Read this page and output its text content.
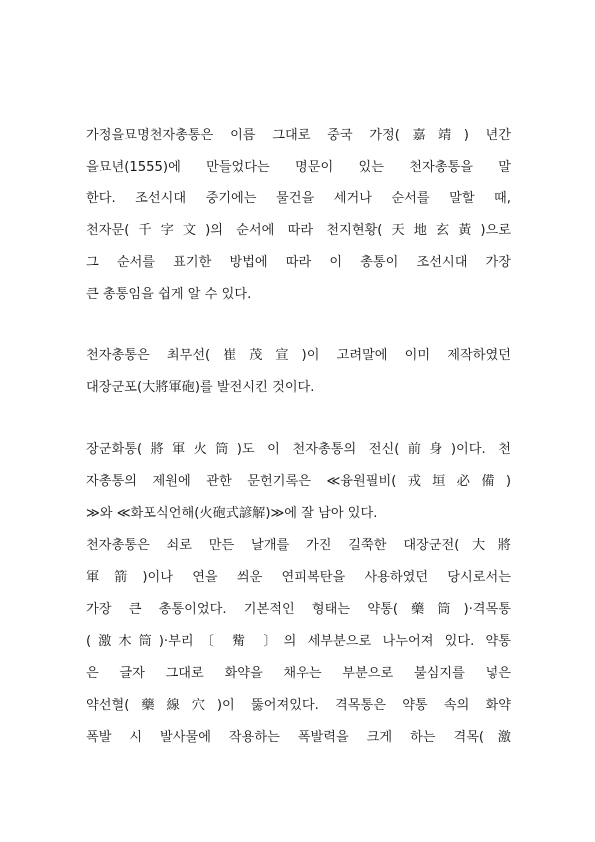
가정을묘명천자총통은 이름 그대로 중국 가정(嘉靖) 년간
을묘년(1555)에 만들었다는 명문이 있는 천자총통을 말
한다. 조선시대 중기에는 물건을 세거나 순서를 말할 때,
천자문(千字文)의 순서에 따라 천지현황(天地玄黃)으로
그 순서를 표기한 방법에 따라 이 총통이 조선시대 가장
큰 총통임을 쉽게 알 수 있다.
천자총통은 최무선(崔茂宣)이 고려말에 이미 제작하였던
대장군포(大將軍砲)를 발전시킨 것이다.
장군화통(將軍火筒)도 이 천자총통의 전신(前身)이다. 천
자총통의 제원에 관한 문헌기록은 ≪융원필비(戎垣必備)
≫와 ≪화포식언해(火砲式諺解)≫에 잘 남아 있다.
천자총통은 쇠로 만든 날개를 가진 길쭉한 대장군전(大將
軍箭)이나 연을 씌운 연피복탄을 사용하였던 당시로서는
가장 큰 총통이었다. 기본적인 형태는 약통(藥筒)·격목통
(激木筒)·부리〔 觜 〕의 세부분으로 나누어져 있다. 약통
은 글자 그대로 화약을 채우는 부분으로 불심지를 넣은
약선혈(藥線穴)이 뚫어져있다. 격목통은 약통 속의 화약
폭발 시 발사물에 작용하는 폭발력을 크게 하는 격목(激
